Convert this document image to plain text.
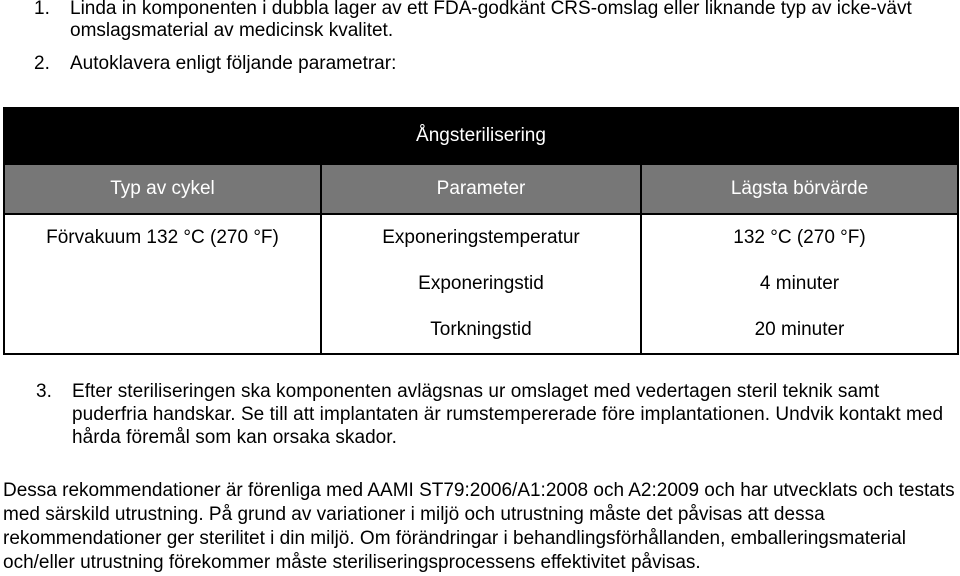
1. Linda in komponenten i dubbla lager av ett FDA-godkänt CRS-omslag eller liknande typ av icke-vävt omslagsmaterial av medicinsk kvalitet.
2. Autoklavera enligt följande parametrar:
Ångsterilisering		
Typ av cykel	Parameter	Lägsta börvärde
Förvakuum 132 °C (270 °F)	Exponeringstemperatur	132 °C (270 °F)
	Exponeringstid	4 minuter
	Torkningstid	20 minuter
3. Efter steriliseringen ska komponenten avlägsnas ur omslaget med vedertagen steril teknik samt puderfria handskar. Se till att implantaten är rumstempererade före implantationen. Undvik kontakt med hårda föremål som kan orsaka skador.
Dessa rekommendationer är förenliga med AAMI ST79:2006/A1:2008 och A2:2009 och har utvecklats och testats med särskild utrustning. På grund av variationer i miljö och utrustning måste det påvisas att dessa rekommendationer ger sterilitet i din miljö. Om förändringar i behandlingsförhållanden, emballeringsmaterial och/eller utrustning förekommer måste steriliseringsprocessens effektivitet påvisas.
